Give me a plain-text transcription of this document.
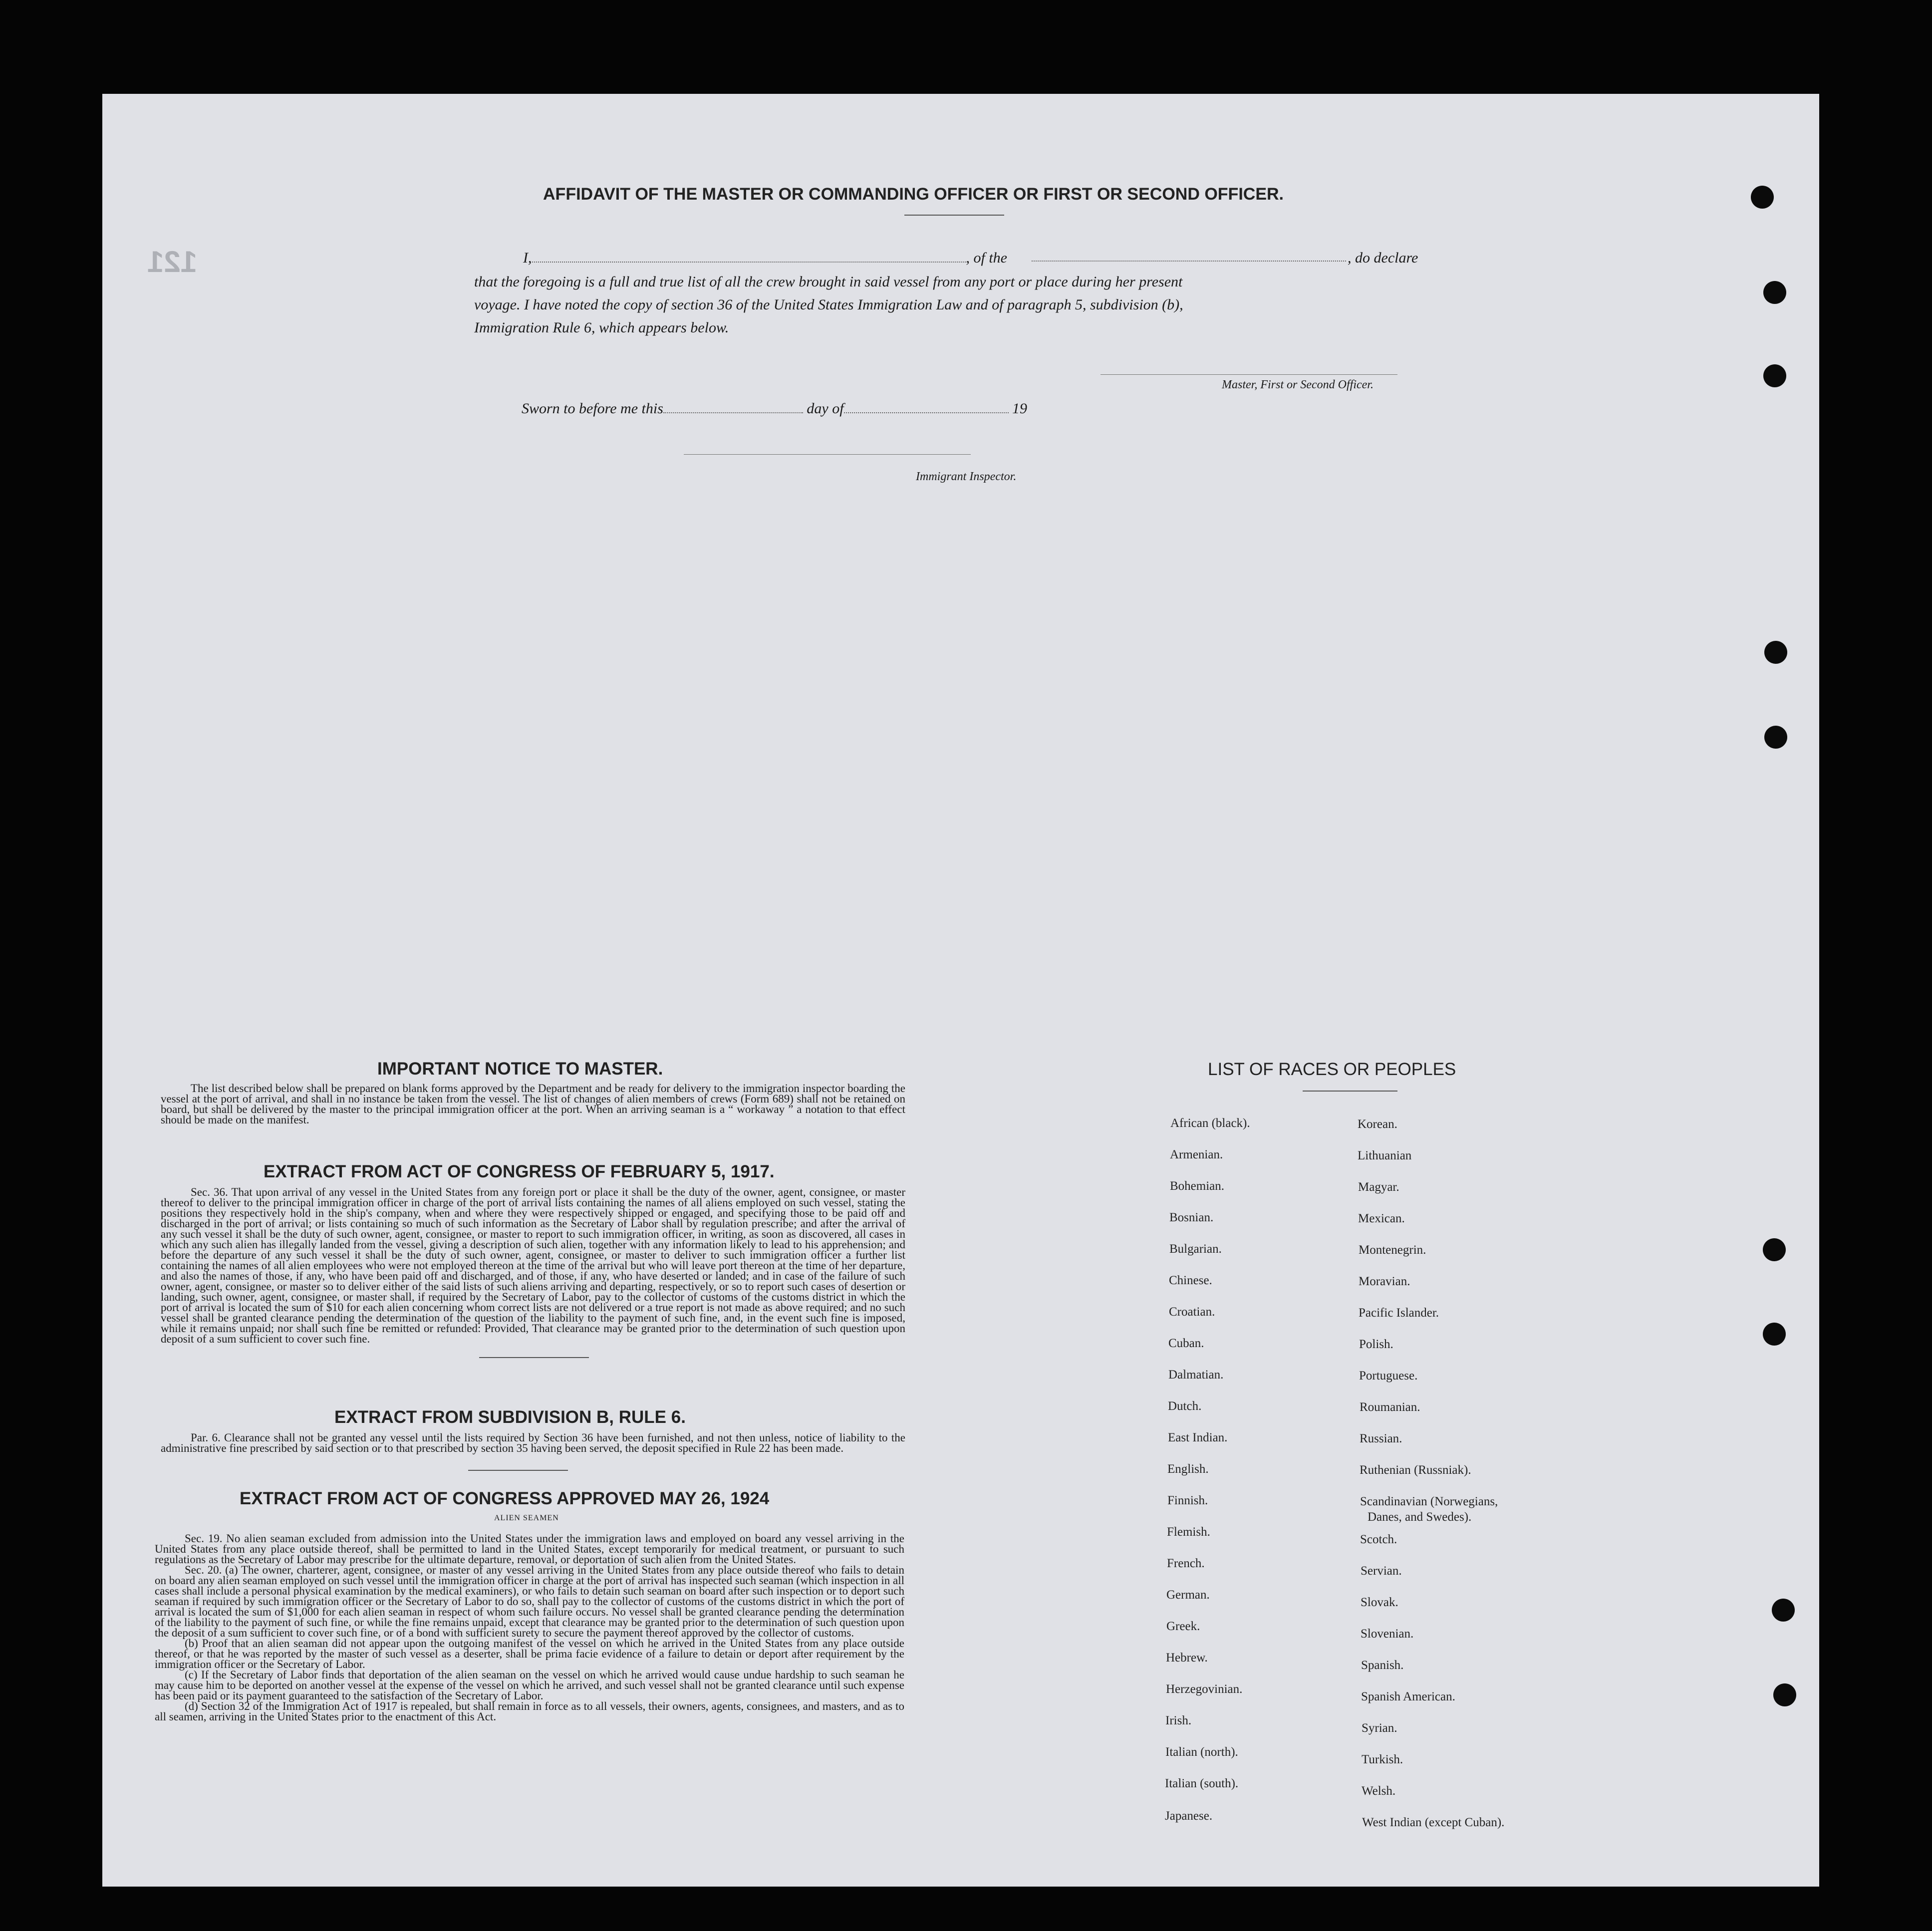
121
AFFIDAVIT OF THE MASTER OR COMMANDING OFFICER OR FIRST OR SECOND OFFICER.
I,	, of the	, do declare
that the foregoing is a full and true list of all the crew brought in said vessel from any port or place during her present
voyage. I have noted the copy of section 36 of the United States Immigration Law and of paragraph 5, subdivision (b),
Immigration Rule 6, which appears below.
Master, First or Second Officer.
Sworn to before me this	day of	19
Immigrant Inspector.
IMPORTANT NOTICE TO MASTER.

The list described below shall be prepared on blank forms approved by the Department and be ready for delivery to the immigration inspector boarding the vessel at the port of arrival, and shall in no instance be taken from the vessel. The list of changes of alien members of crews (Form 689) shall not be retained on board, but shall be delivered by the master to the principal immigration officer at the port. When an arriving seaman is a “ workaway ” a notation to that effect should be made on the manifest.

EXTRACT FROM ACT OF CONGRESS OF FEBRUARY 5, 1917.

Sec. 36. That upon arrival of any vessel in the United States from any foreign port or place it shall be the duty of the owner, agent, consignee, or master thereof to deliver to the principal immigration officer in charge of the port of arrival lists containing the names of all aliens employed on such vessel, stating the positions they respectively hold in the ship's company, when and where they were respectively shipped or engaged, and specifying those to be paid off and discharged in the port of arrival; or lists containing so much of such information as the Secretary of Labor shall by regulation prescribe; and after the arrival of any such vessel it shall be the duty of such owner, agent, consignee, or master to report to such immigration officer, in writing, as soon as discovered, all cases in which any such alien has illegally landed from the vessel, giving a description of such alien, together with any information likely to lead to his apprehension; and before the departure of any such vessel it shall be the duty of such owner, agent, consignee, or master to deliver to such immigration officer a further list containing the names of all alien employees who were not employed thereon at the time of the arrival but who will leave port thereon at the time of her departure, and also the names of those, if any, who have been paid off and discharged, and of those, if any, who have deserted or landed; and in case of the failure of such owner, agent, consignee, or master so to deliver either of the said lists of such aliens arriving and departing, respectively, or so to report such cases of desertion or landing, such owner, agent, consignee, or master shall, if required by the Secretary of Labor, pay to the collector of customs of the customs district in which the port of arrival is located the sum of $10 for each alien concerning whom correct lists are not delivered or a true report is not made as above required; and no such vessel shall be granted clearance pending the determination of the question of the liability to the payment of such fine, and, in the event such fine is imposed, while it remains unpaid; nor shall such fine be remitted or refunded: Provided, That clearance may be granted prior to the determination of such question upon deposit of a sum sufficient to cover such fine.

EXTRACT FROM SUBDIVISION B, RULE 6.

Par. 6. Clearance shall not be granted any vessel until the lists required by Section 36 have been furnished, and not then unless, notice of liability to the administrative fine prescribed by said section or to that prescribed by section 35 having been served, the deposit specified in Rule 22 has been made.

EXTRACT FROM ACT OF CONGRESS APPROVED MAY 26, 1924
ALIEN SEAMEN

Sec. 19. No alien seaman excluded from admission into the United States under the immigration laws and employed on board any vessel arriving in the United States from any place outside thereof, shall be permitted to land in the United States, except temporarily for medical treatment, or pursuant to such regulations as the Secretary of Labor may prescribe for the ultimate departure, removal, or deportation of such alien from the United States.

Sec. 20. (a) The owner, charterer, agent, consignee, or master of any vessel arriving in the United States from any place outside thereof who fails to detain on board any alien seaman employed on such vessel until the immigration officer in charge at the port of arrival has inspected such seaman (which inspection in all cases shall include a personal physical examination by the medical examiners), or who fails to detain such seaman on board after such inspection or to deport such seaman if required by such immigration officer or the Secretary of Labor to do so, shall pay to the collector of customs of the customs district in which the port of arrival is located the sum of $1,000 for each alien seaman in respect of whom such failure occurs. No vessel shall be granted clearance pending the determination of the liability to the payment of such fine, or while the fine remains unpaid, except that clearance may be granted prior to the determination of such question upon the deposit of a sum sufficient to cover such fine, or of a bond with sufficient surety to secure the payment thereof approved by the collector of customs.

(b) Proof that an alien seaman did not appear upon the outgoing manifest of the vessel on which he arrived in the United States from any place outside thereof, or that he was reported by the master of such vessel as a deserter, shall be prima facie evidence of a failure to detain or deport after requirement by the immigration officer or the Secretary of Labor.

(c) If the Secretary of Labor finds that deportation of the alien seaman on the vessel on which he arrived would cause undue hardship to such seaman he may cause him to be deported on another vessel at the expense of the vessel on which he arrived, and such vessel shall not be granted clearance until such expense has been paid or its payment guaranteed to the satisfaction of the Secretary of Labor.

(d) Section 32 of the Immigration Act of 1917 is repealed, but shall remain in force as to all vessels, their owners, agents, consignees, and masters, and as to all seamen, arriving in the United States prior to the enactment of this Act.

LIST OF RACES OR PEOPLES
African (black).
Armenian.
Bohemian.
Bosnian.
Bulgarian.
Chinese.
Croatian.
Cuban.
Dalmatian.
Dutch.
East Indian.
English.
Finnish.
Flemish.
French.
German.
Greek.
Hebrew.
Herzegovinian.
Irish.
Italian (north).
Italian (south).
Japanese.
Korean.
Lithuanian
Magyar.
Mexican.
Montenegrin.
Moravian.
Pacific Islander.
Polish.
Portuguese.
Roumanian.
Russian.
Ruthenian (Russniak).
Scandinavian (Norwegians,
Scotch.
Servian.
Slovak.
Slovenian.
Spanish.
Spanish American.
Syrian.
Turkish.
Welsh.
West Indian (except Cuban).
Danes, and Swedes).
